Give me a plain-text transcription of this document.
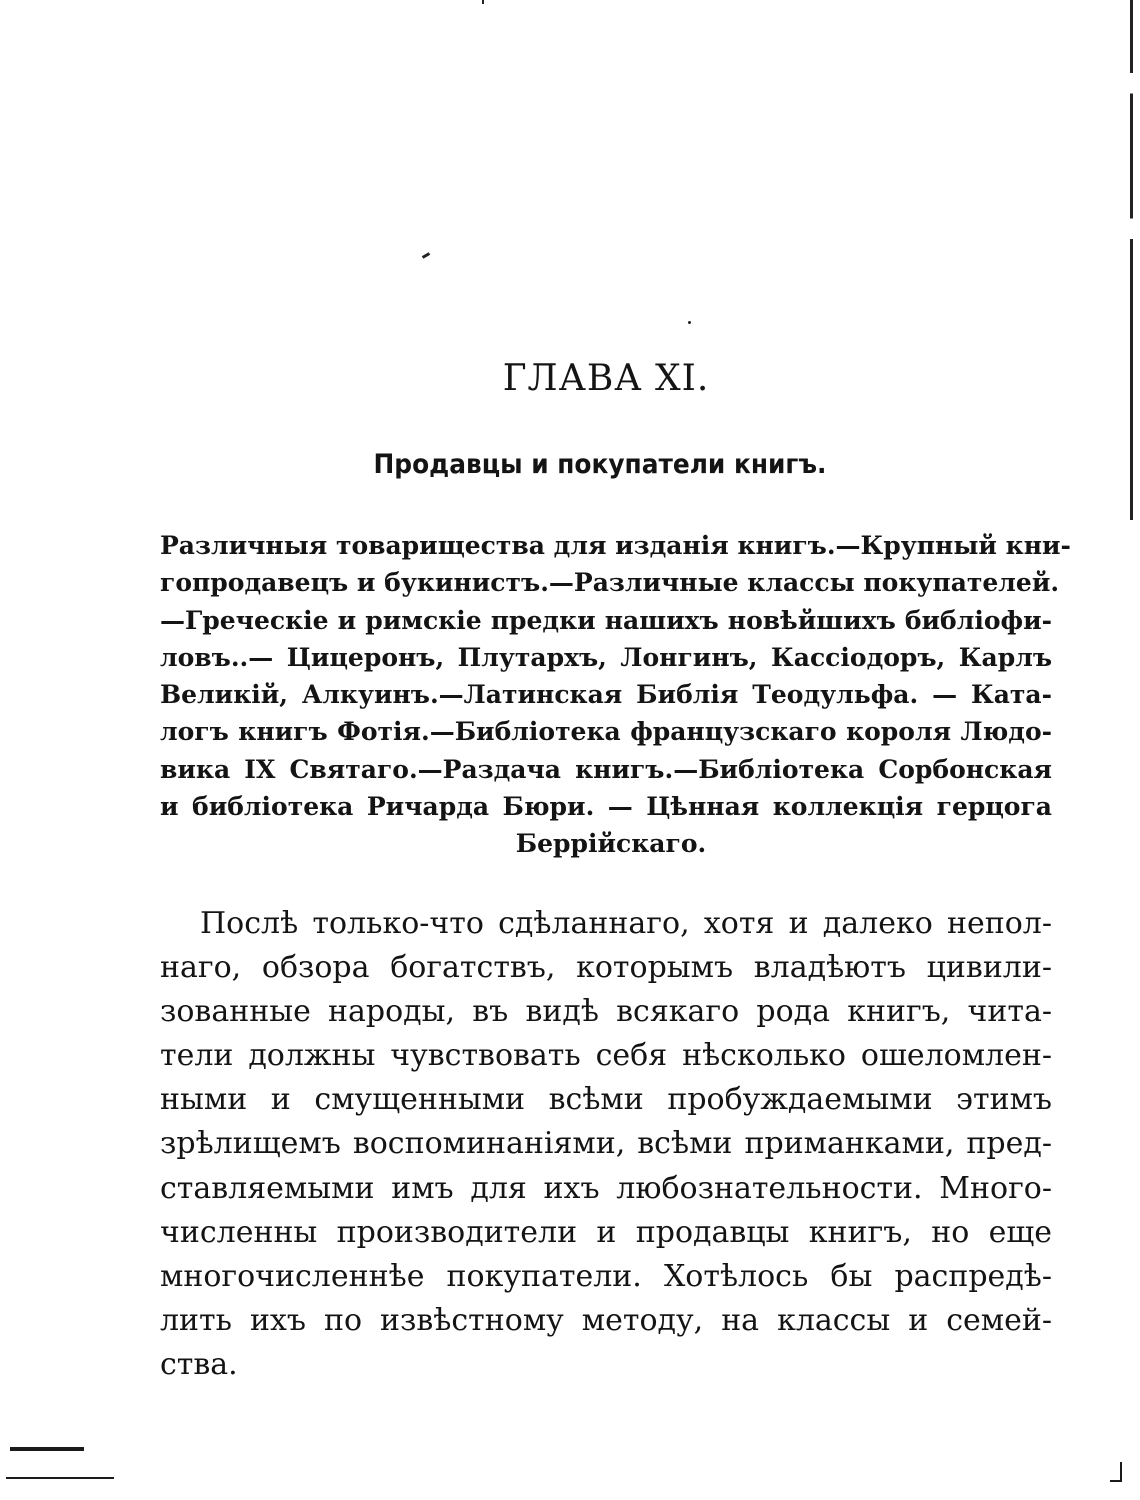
ГЛАВА XI.
Продавцы и покупатели книгъ.
Различныя товарищества для изданія книгъ.—Крупный кни-
гопродавецъ и букинистъ.—Различные классы покупателей.
—Греческіе и римскіе предки нашихъ новѣйшихъ библіофи-
ловъ..— Цицеронъ, Плутархъ, Лонгинъ, Кассіодоръ, Карлъ
Великій, Алкуинъ.—Латинская Библія Теодульфа. — Ката-
логъ книгъ Фотія.—Библіотека французскаго короля Людо-
вика IX Святаго.—Раздача книгъ.—Библіотека Сорбонская
и библіотека Ричарда Бюри. — Цѣнная коллекція герцога
Беррійскаго.
Послѣ только-что сдѣланнаго, хотя и далеко непол-
наго, обзора богатствъ, которымъ владѣютъ цивили-
зованные народы, въ видѣ всякаго рода книгъ, чита-
тели должны чувствовать себя нѣсколько ошеломлен-
ными и смущенными всѣми пробуждаемыми этимъ
зрѣлищемъ воспоминаніями, всѣми приманками, пред-
ставляемыми имъ для ихъ любознательности. Много-
численны производители и продавцы книгъ, но еще
многочисленнѣе покупатели. Хотѣлось бы распредѣ-
лить ихъ по извѣстному методу, на классы и семей-
ства.
